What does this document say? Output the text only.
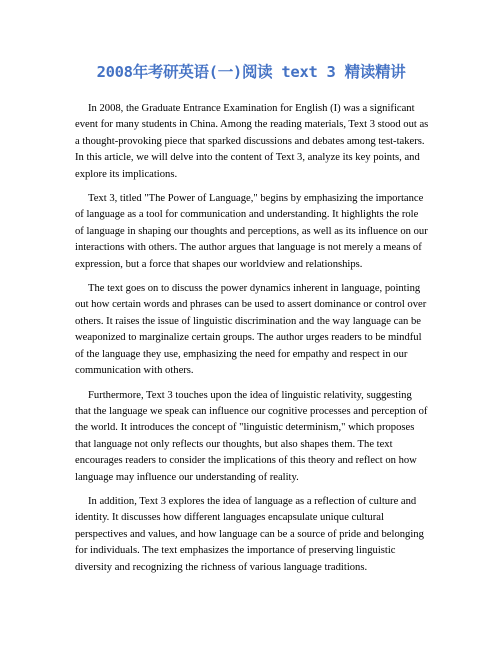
2008年考研英语(一)阅读 text 3 精读精讲

In 2008, the Graduate Entrance Examination for English (I) was a significant event for many students in China. Among the reading materials, Text 3 stood out as a thought-provoking piece that sparked discussions and debates among test-takers. In this article, we will delve into the content of Text 3, analyze its key points, and explore its implications.

Text 3, titled "The Power of Language," begins by emphasizing the importance of language as a tool for communication and understanding. It highlights the role of language in shaping our thoughts and perceptions, as well as its influence on our interactions with others. The author argues that language is not merely a means of expression, but a force that shapes our worldview and relationships.

The text goes on to discuss the power dynamics inherent in language, pointing out how certain words and phrases can be used to assert dominance or control over others. It raises the issue of linguistic discrimination and the way language can be weaponized to marginalize certain groups. The author urges readers to be mindful of the language they use, emphasizing the need for empathy and respect in our communication with others.

Furthermore, Text 3 touches upon the idea of linguistic relativity, suggesting that the language we speak can influence our cognitive processes and perception of the world. It introduces the concept of "linguistic determinism," which proposes that language not only reflects our thoughts, but also shapes them. The text encourages readers to consider the implications of this theory and reflect on how language may influence our understanding of reality.

In addition, Text 3 explores the idea of language as a reflection of culture and identity. It discusses how different languages encapsulate unique cultural perspectives and values, and how language can be a source of pride and belonging for individuals. The text emphasizes the importance of preserving linguistic diversity and recognizing the richness of various language traditions.
